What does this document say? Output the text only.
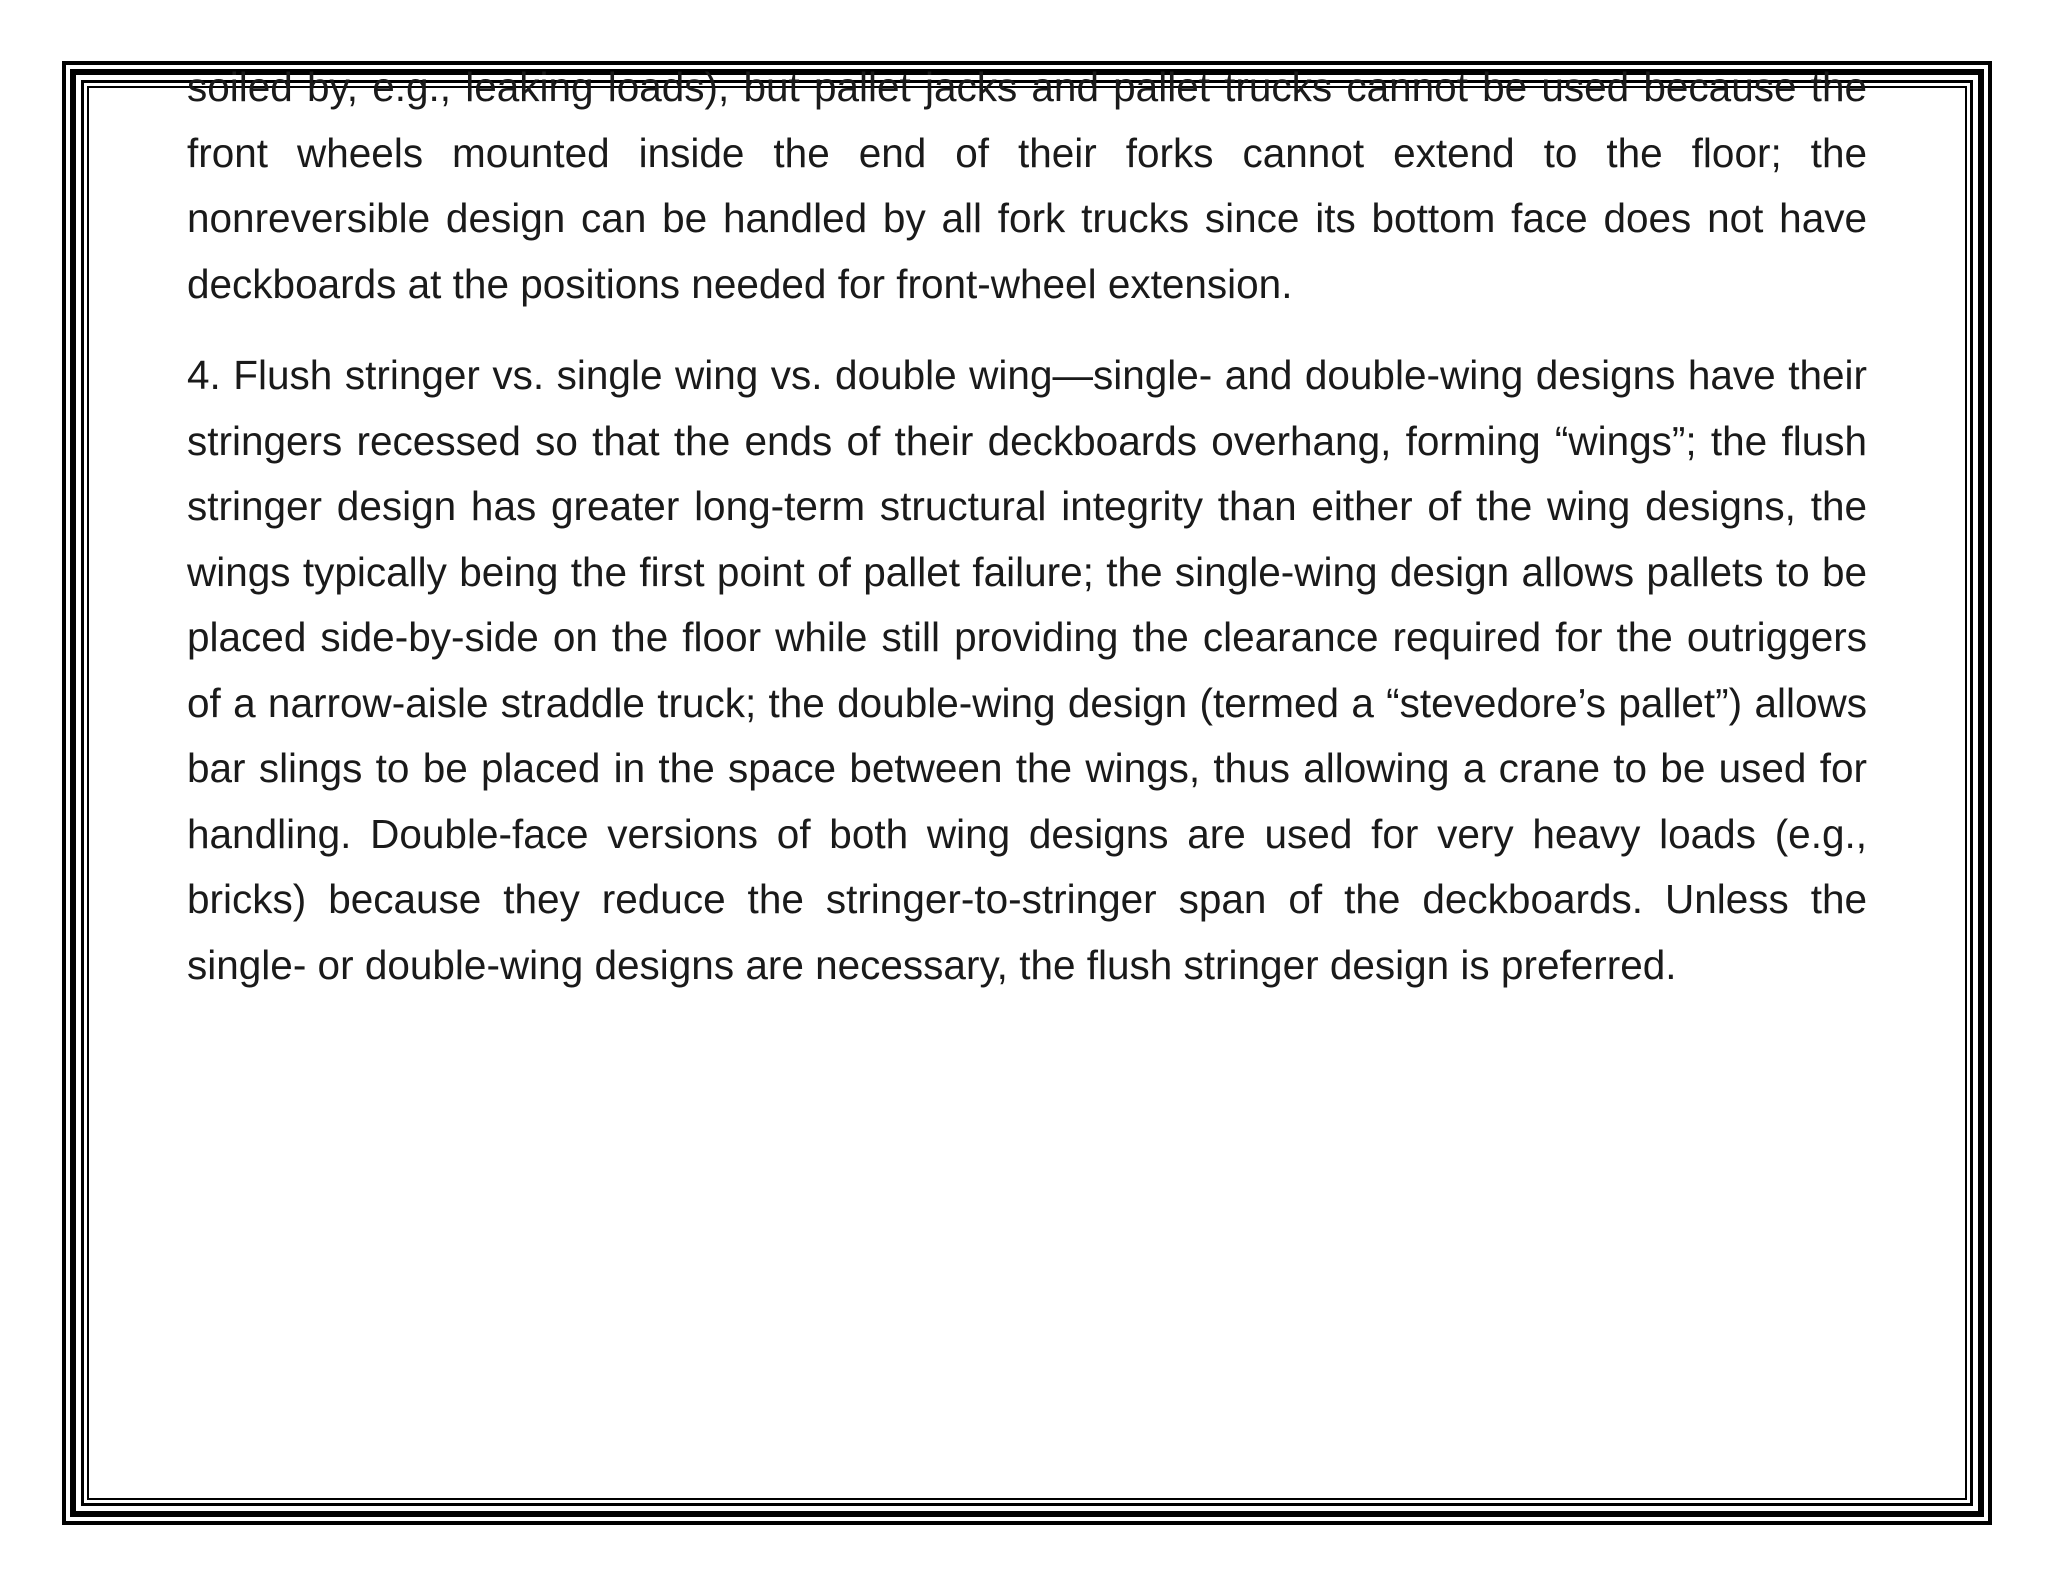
soiled by, e.g., leaking loads), but pallet jacks and pallet trucks cannot be used because the front wheels mounted inside the end of their forks cannot extend to the floor; the nonreversible design can be handled by all fork trucks since its bottom face does not have deckboards at the positions needed for front-wheel extension.

4. Flush stringer vs. single wing vs. double wing—single- and double-wing designs have their stringers recessed so that the ends of their deckboards overhang, forming “wings”; the flush stringer design has greater long-term structural integrity than either of the wing designs, the wings typically being the first point of pallet failure; the single-wing design allows pallets to be placed side-by-side on the floor while still providing the clearance required for the outriggers of a narrow-aisle straddle truck; the double-wing design (termed a “stevedore’s pallet”) allows bar slings to be placed in the space between the wings, thus allowing a crane to be used for handling. Double-face versions of both wing designs are used for very heavy loads (e.g., bricks) because they reduce the stringer-to-stringer span of the deckboards. Unless the single- or double-wing designs are necessary, the flush stringer design is preferred.
